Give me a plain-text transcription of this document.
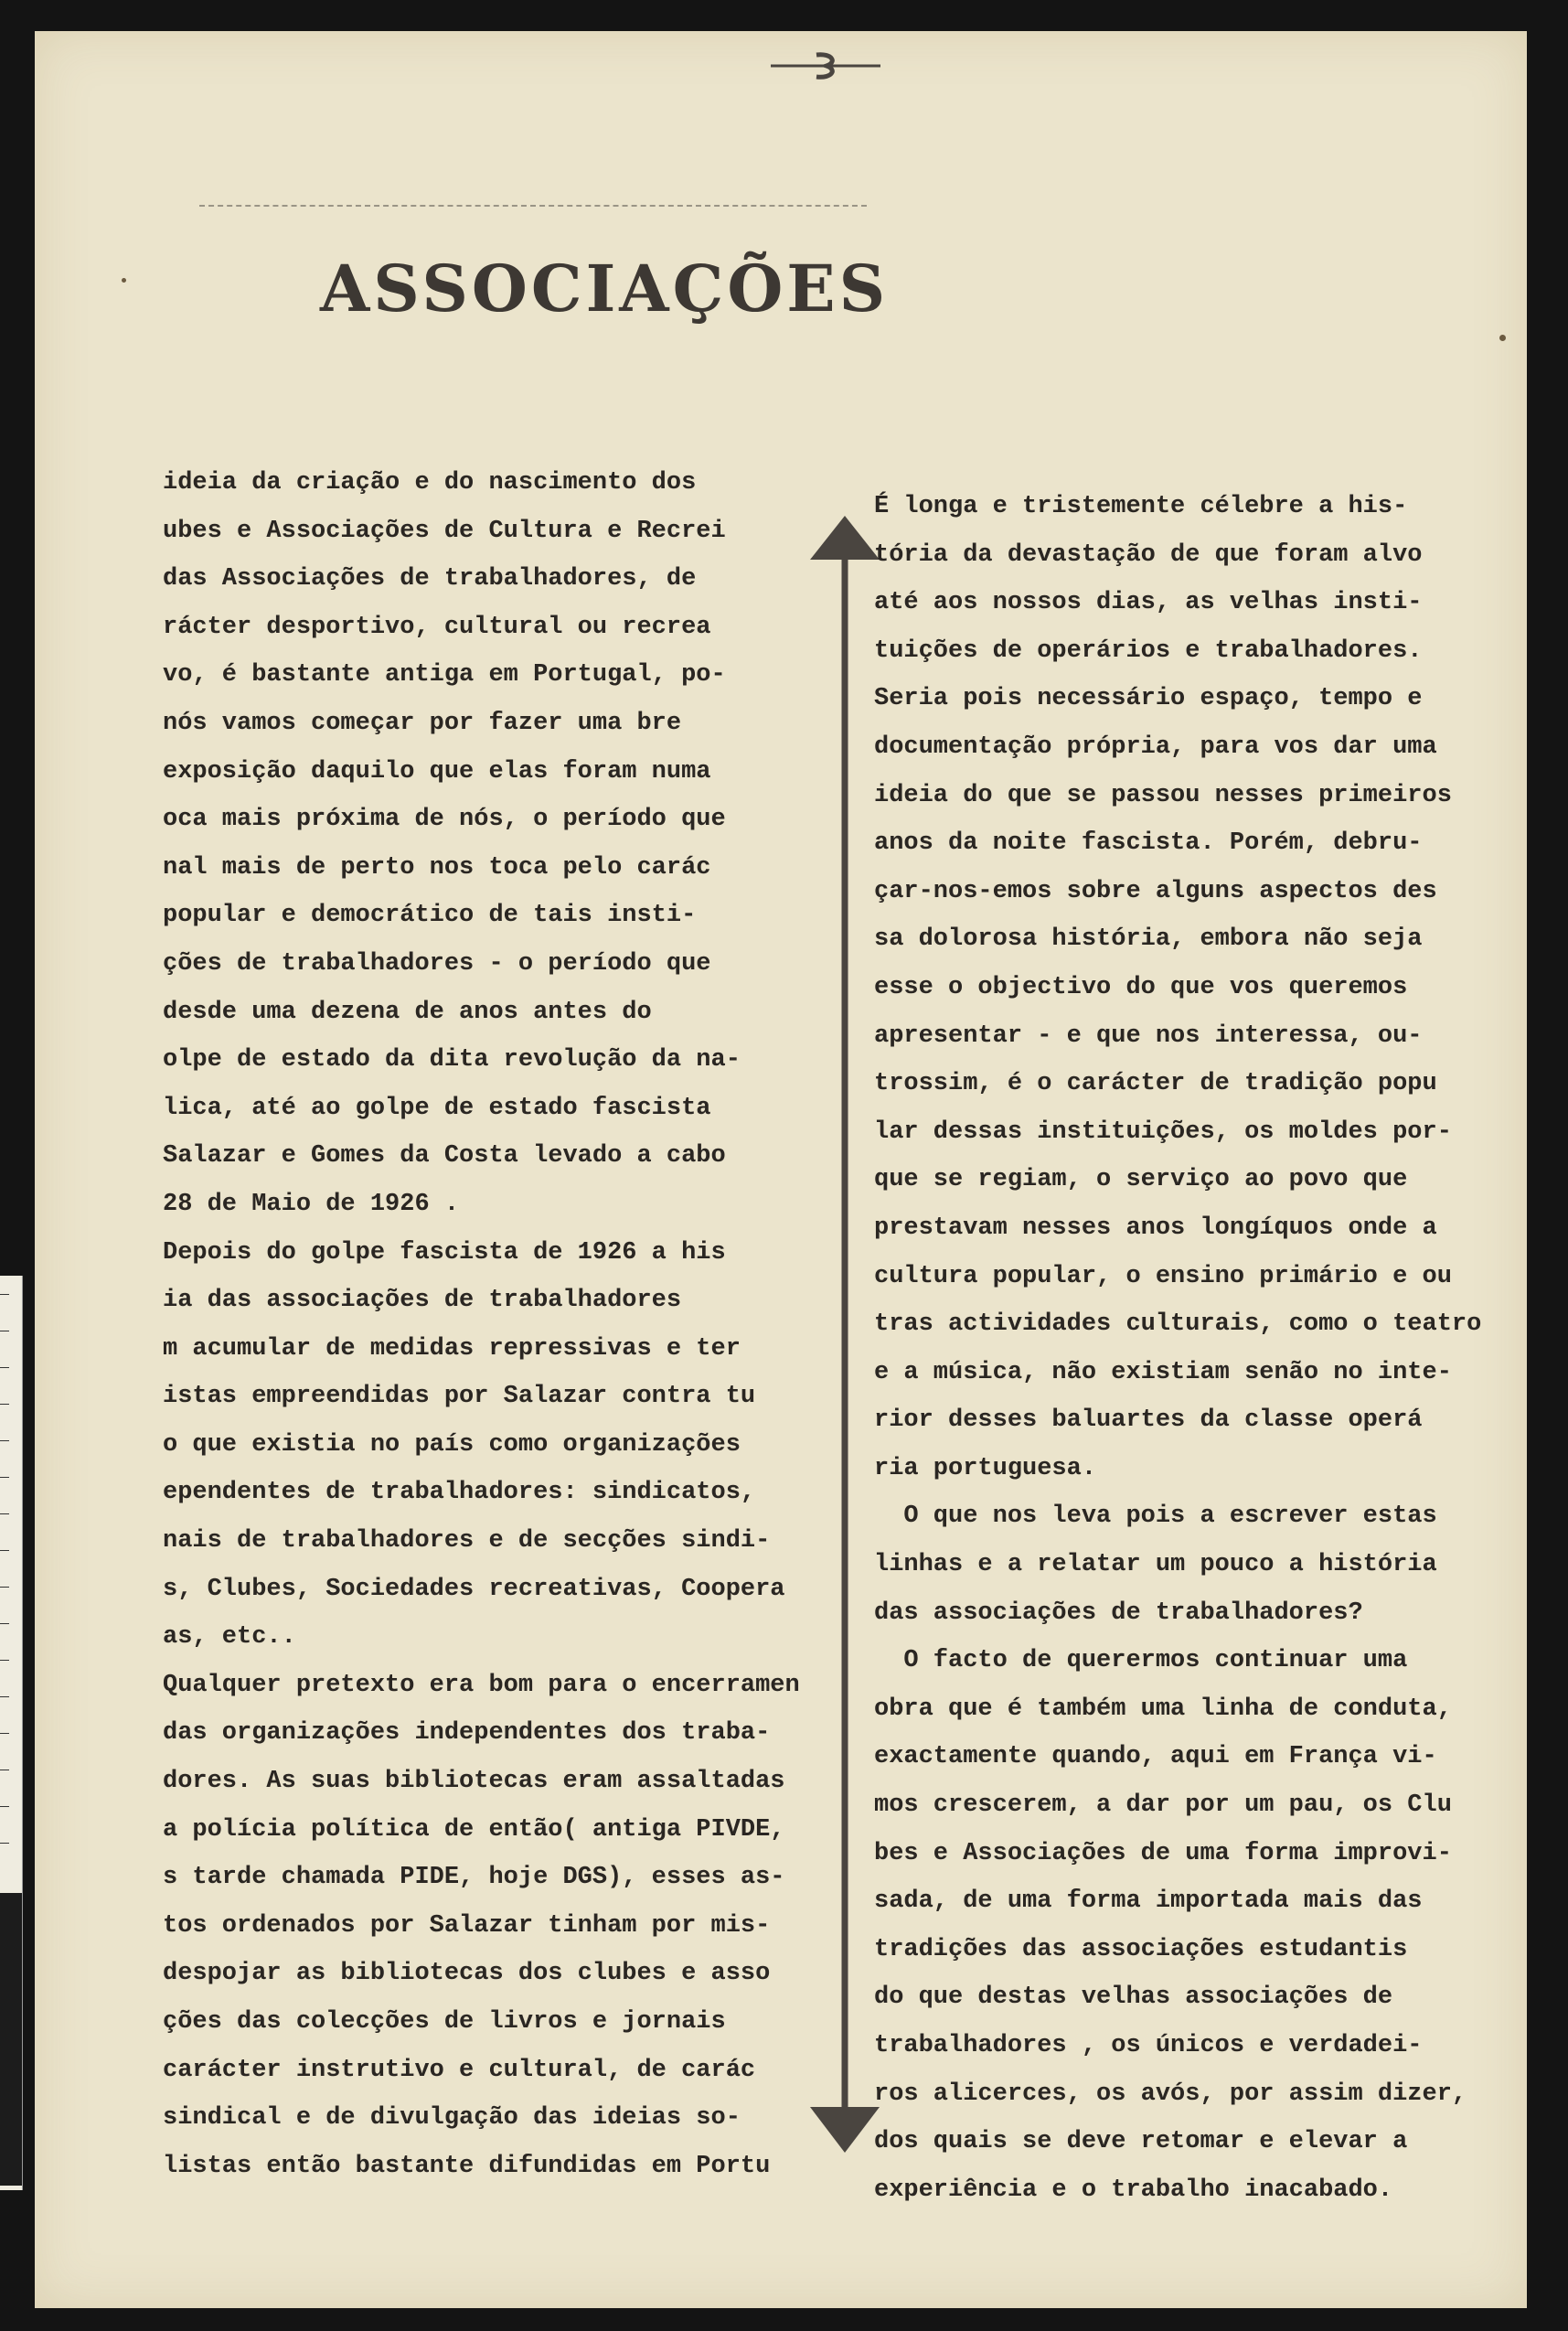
ASSOCIAÇÕES
ideia da criação e do nascimento dos
ubes e Associações de Cultura e Recrei
das Associações de trabalhadores, de
rácter desportivo, cultural ou recrea
vo, é bastante antiga em Portugal, po-
nós vamos começar por fazer uma bre
exposição daquilo que elas foram numa
oca mais próxima de nós, o período que
nal mais de perto nos toca pelo carác
popular e democrático de tais insti-
ções de trabalhadores - o período que
desde uma dezena de anos antes do
olpe de estado da dita revolução da na-
lica, até ao golpe de estado fascista
Salazar e Gomes da Costa levado a cabo
28 de Maio de 1926 .
Depois do golpe fascista de 1926 a his
ia das associações de trabalhadores
m acumular de medidas repressivas e ter
istas empreendidas por Salazar contra tu
o que existia no país como organizações
ependentes de trabalhadores: sindicatos,
nais de trabalhadores e de secções sindi-
s, Clubes, Sociedades recreativas, Coopera
as, etc..
Qualquer pretexto era bom para o encerramen
das organizações independentes dos traba-
dores. As suas bibliotecas eram assaltadas
a polícia política de então( antiga PIVDE,
s tarde chamada PIDE, hoje DGS), esses as-
tos ordenados por Salazar tinham por mis-
despojar as bibliotecas dos clubes e asso
ções das colecções de livros e jornais
carácter instrutivo e cultural, de carác
sindical e de divulgação das ideias so-
listas então bastante difundidas em Portu
É longa e tristemente célebre a his-
tória da devastação de que foram alvo
até aos nossos dias, as velhas insti-
tuições de operários e trabalhadores.
Seria pois necessário espaço, tempo e
documentação própria, para vos dar uma
ideia do que se passou nesses primeiros
anos da noite fascista. Porém, debru-
çar-nos-emos sobre alguns aspectos des
sa dolorosa história, embora não seja
esse o objectivo do que vos queremos
apresentar - e que nos interessa, ou-
trossim, é o carácter de tradição popu
lar dessas instituições, os moldes por-
que se regiam, o serviço ao povo que
prestavam nesses anos longíquos onde a
cultura popular, o ensino primário e ou
tras actividades culturais, como o teatro
e a música, não existiam senão no inte-
rior desses baluartes da classe operá
ria portuguesa.
O que nos leva pois a escrever estas
linhas e a relatar um pouco a história
das associações de trabalhadores?
O facto de querermos continuar uma
obra que é também uma linha de conduta,
exactamente quando, aqui em França vi-
mos crescerem, a dar por um pau, os Clu
bes e Associações de uma forma improvi-
sada, de uma forma importada mais das
tradições das associações estudantis
do que destas velhas associações de
trabalhadores , os únicos e verdadei-
ros alicerces, os avós, por assim dizer,
dos quais se deve retomar e elevar a
experiência e o trabalho inacabado.
